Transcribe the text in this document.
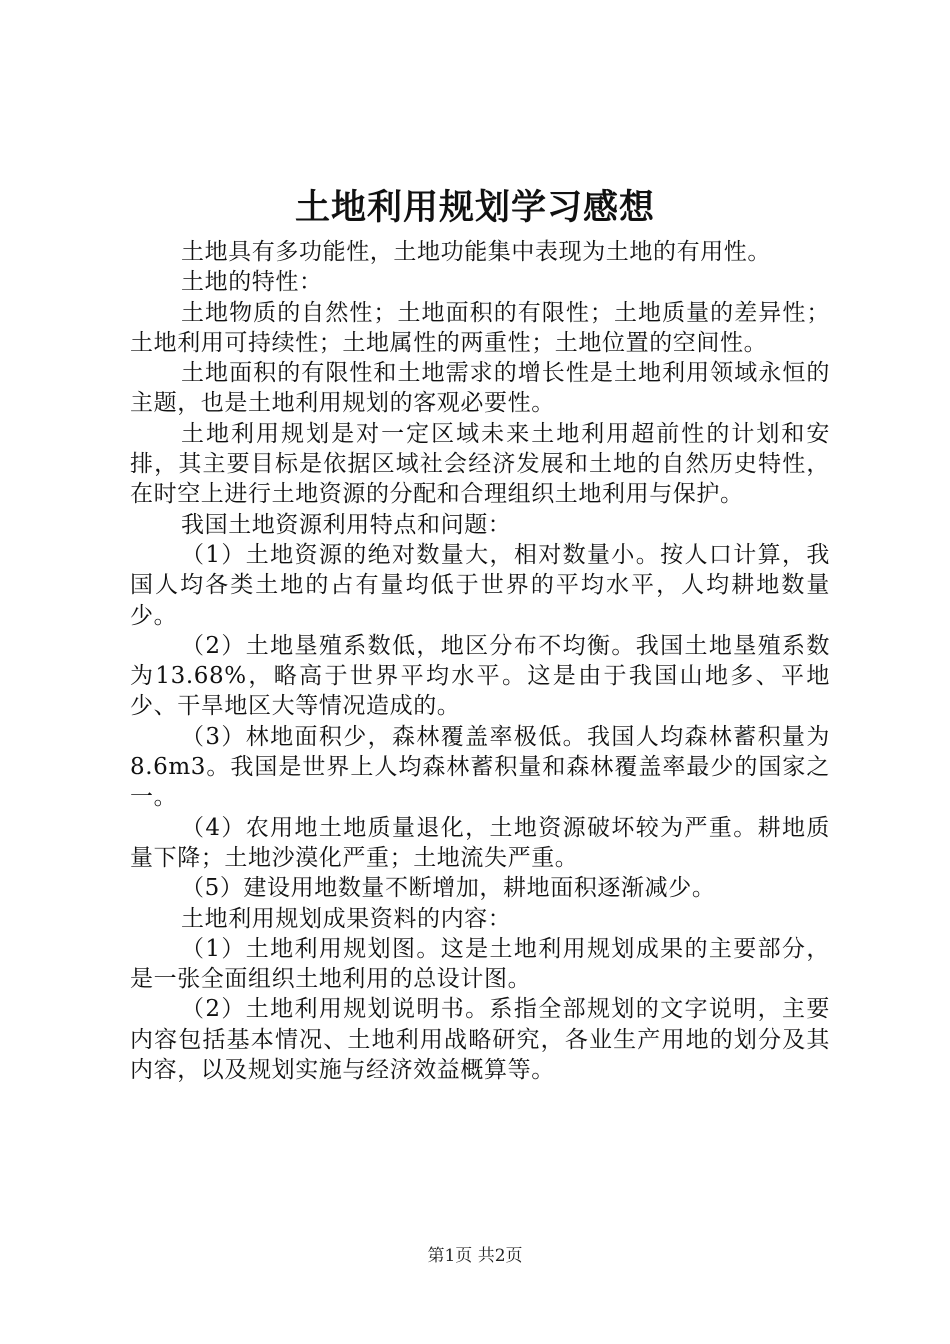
土地利用规划学习感想

土地具有多功能性，土地功能集中表现为土地的有用性。

土地的特性：

土地物质的自然性；土地面积的有限性；土地质量的差异性；土地利用可持续性；土地属性的两重性；土地位置的空间性。

土地面积的有限性和土地需求的增长性是土地利用领域永恒的主题，也是土地利用规划的客观必要性。

土地利用规划是对一定区域未来土地利用超前性的计划和安排，其主要目标是依据区域社会经济发展和土地的自然历史特性，在时空上进行土地资源的分配和合理组织土地利用与保护。

我国土地资源利用特点和问题：

（1）土地资源的绝对数量大，相对数量小。按人口计算，我国人均各类土地的占有量均低于世界的平均水平，人均耕地数量少。

（2）土地垦殖系数低，地区分布不均衡。我国土地垦殖系数为13.68%，略高于世界平均水平。这是由于我国山地多、平地少、干旱地区大等情况造成的。

（3）林地面积少，森林覆盖率极低。我国人均森林蓄积量为8.6m3。我国是世界上人均森林蓄积量和森林覆盖率最少的国家之一。

（4）农用地土地质量退化，土地资源破坏较为严重。耕地质量下降；土地沙漠化严重；土地流失严重。

（5）建设用地数量不断增加，耕地面积逐渐减少。

土地利用规划成果资料的内容：

（1）土地利用规划图。这是土地利用规划成果的主要部分，是一张全面组织土地利用的总设计图。

（2）土地利用规划说明书。系指全部规划的文字说明，主要内容包括基本情况、土地利用战略研究，各业生产用地的划分及其内容，以及规划实施与经济效益概算等。

第1页 共2页
